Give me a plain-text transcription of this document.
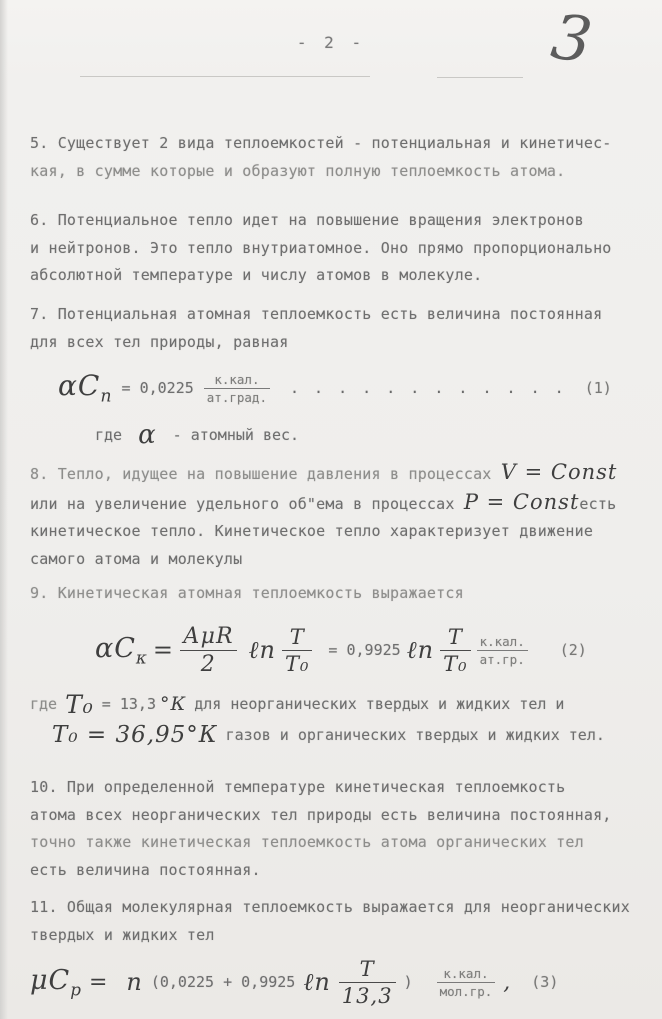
- 2 -	3
5. Существует 2 вида теплоемкостей - потенциальная и кинетичес-
кая, в сумме которые и образуют полную теплоемкость атома.
6. Потенциальное тепло идет на повышение вращения электронов
и нейтронов. Это тепло внутриатомное. Оно прямо пропорционально
абсолютной температуре и числу атомов в молекуле.
7. Потенциальная атомная теплоемкость есть величина постоянная
для всех тел природы, равная
$\alpha C_п = 0,0225 \frac{\text{к.кал.}}{\text{ат.град.}}$ . . . . . . . . . . . . (1)
где α - атомный вес.
8. Тепло, идущее на повышение давления в процессах V = Const
или на увеличение удельного об"ема в процессах P = Constесть
кинетическое тепло. Кинетическое тепло характеризует движение
самого атома и молекулы
9. Кинетическая атомная теплоемкость выражается
$\alpha C_\kappa = \frac{\text{АμR}}{2}$ ℓn $\frac{T}{\text{T₀}} = 0,9925$ ℓn $\frac{T}{\text{T₀}} \frac{\text{к.кал.}}{ат.гр.} (2)$
где T₀ = 13,3 °К для неорганических твердых и жидких тел и
T₀ = 36,95°К газов и органических твердых и жидких тел.
10. При определенной температуре кинетическая теплоемкость
атома всех неорганических тел природы есть величина постоянная,
точно также кинетическая теплоемкость атома органических тел
есть величина постоянная.
11. Общая молекулярная теплоемкость выражается для неорганических
твердых и жидких тел
$\mu C_p = n$ (0,0225 + 0,9925 ℓn $\frac{T}{13,3}$ ) $\frac{\text{к.кал.}}{\text{мол.гр.}}$ , (3)
